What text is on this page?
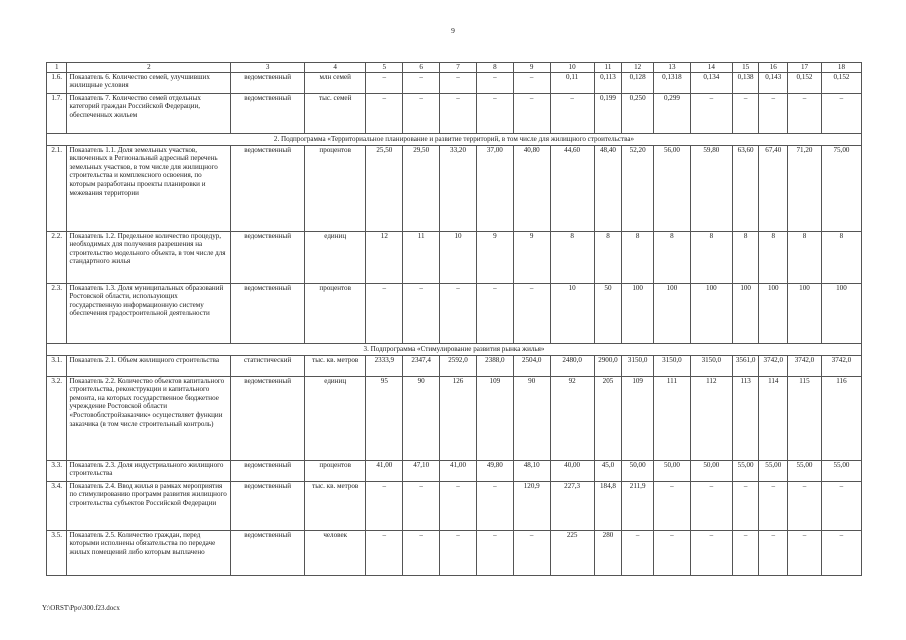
9
1	2	3	4	5	6	7	8	9	10	11	12	13	14	15	16	17	18
1.6.	Показатель 6. Количество семей, улучшивших жилищные условия	ведомственный	млн семей	–	–	–	–	–	0,11	0,113	0,128	0,1318	0,134	0,138	0,143	0,152	0,152
1.7.	Показатель 7. Количество семей отдельных категорий граждан Российской Федерации, обеспеченных жильем	ведомственный	тыс. семей	–	–	–	–	–	–	0,199	0,250	0,299	–	–	–	–	–
2. Подпрограмма «Территориальное планирование и развитие территорий, в том числе для жилищного строительства»																	
2.1.	Показатель 1.1. Доля земельных участков, включенных в Региональный адресный перечень земельных участков, в том числе для жилищного строительства и комплексного освоения, по которым разработаны проекты планировки и межевания территории	ведомственный	процентов	25,50	29,50	33,20	37,00	40,80	44,60	48,40	52,20	56,00	59,80	63,60	67,40	71,20	75,00
2.2.	Показатель 1.2. Предельное количество процедур, необходимых для получения разрешения на строительство модельного объекта, в том числе для стандартного жилья	ведомственный	единиц	12	11	10	9	9	8	8	8	8	8	8	8	8	8
2.3.	Показатель 1.3. Доля муниципальных образований Ростовской области, использующих государственную информационную систему обеспечения градостроительной деятельности	ведомственный	процентов	–	–	–	–	–	10	50	100	100	100	100	100	100	100
3. Подпрограмма «Стимулирование развития рынка жилья»																	
3.1.	Показатель 2.1. Объем жилищного строительства	статистический	тыс. кв. метров	2333,9	2347,4	2592,0	2388,0	2504,0	2480,0	2900,0	3150,0	3150,0	3150,0	3561,0	3742,0	3742,0	3742,0
3.2.	Показатель 2.2. Количество объектов капитального строительства, реконструкции и капитального ремонта, на которых государственное бюджетное учреждение Ростовской области «Ростовоблстройзаказчик» осуществляет функции заказчика (в том числе строительный контроль)	ведомственный	единиц	95	90	126	109	90	92	205	109	111	112	113	114	115	116
3.3.	Показатель 2.3. Доля индустриального жилищного строительства	ведомственный	процентов	41,00	47,10	41,00	49,80	48,10	40,00	45,0	50,00	50,00	50,00	55,00	55,00	55,00	55,00
3.4.	Показатель 2.4. Ввод жилья в рамках мероприятия по стимулированию программ развития жилищного строительства субъектов Российской Федерации	ведомственный	тыс. кв. метров	–	–	–	–	120,9	227,3	184,8	211,9	–	–	–	–	–	–
3.5.	Показатель 2.5. Количество граждан, перед которыми исполнены обязательства по передаче жилых помещений либо которым выплачено	ведомственный	человек	–	–	–	–	–	225	280	–	–	–	–	–	–	–
Y:\ORST\Ppo\300.f23.docx
